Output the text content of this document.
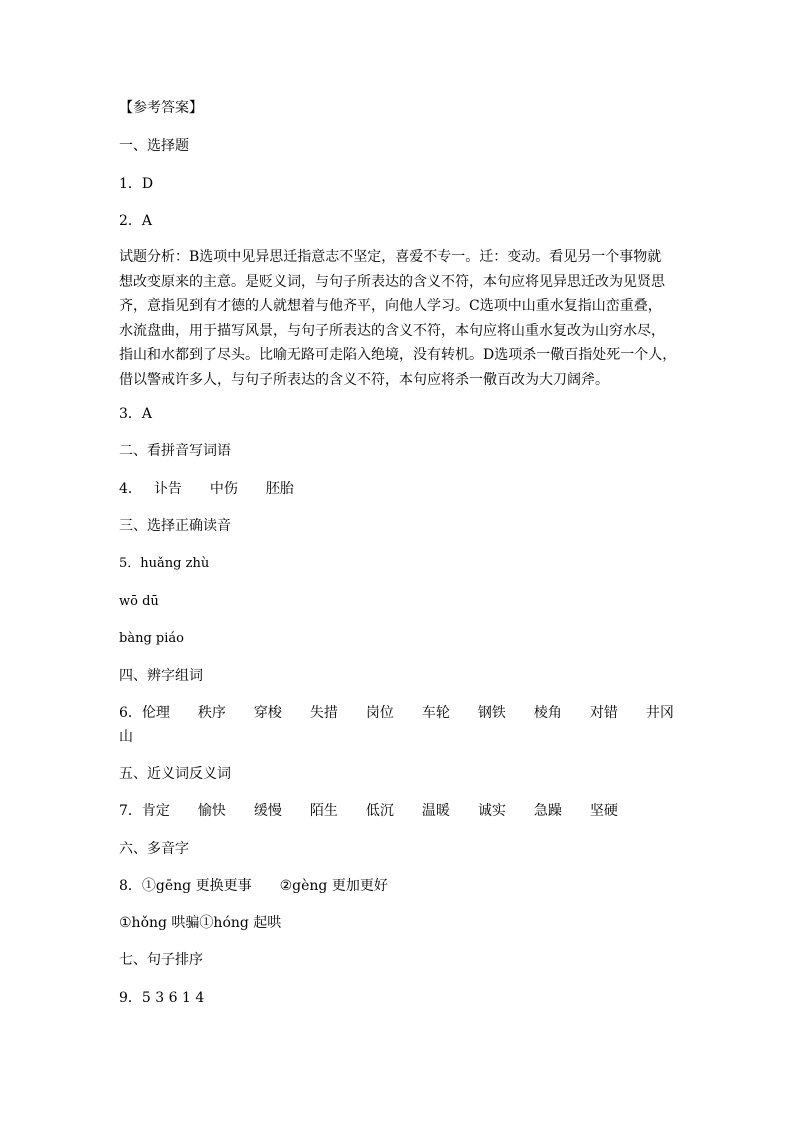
【参考答案】
一、选择题
1．D
2．A
试题分析：B选项中见异思迁指意志不坚定，喜爱不专一。迁：变动。看见另一个事物就
想改变原来的主意。是贬义词，与句子所表达的含义不符，本句应将见异思迁改为见贤思
齐，意指见到有才德的人就想着与他齐平，向他人学习。C选项中山重水复指山峦重叠，
水流盘曲，用于描写风景，与句子所表达的含义不符，本句应将山重水复改为山穷水尽，
指山和水都到了尽头。比喻无路可走陷入绝境，没有转机。D选项杀一儆百指处死一个人，
借以警戒许多人，与句子所表达的含义不符，本句应将杀一儆百改为大刀阔斧。
3．A
二、看拼音写词语
4． 讣告 中伤 胚胎
三、选择正确读音
5．huǎng zhù
wō dū
bàng piáo
四、辨字组词
6．伦理 秩序 穿梭 失措 岗位 车轮 钢铁 棱角 对错 井冈
山
五、近义词反义词
7．肯定 愉快 缓慢 陌生 低沉 温暖 诚实 急躁 坚硬
六、多音字
8．①gēng 更换更事 ②gèng 更加更好
①hǒng 哄骗①hóng 起哄
七、句子排序
9．5 3 6 1 4
